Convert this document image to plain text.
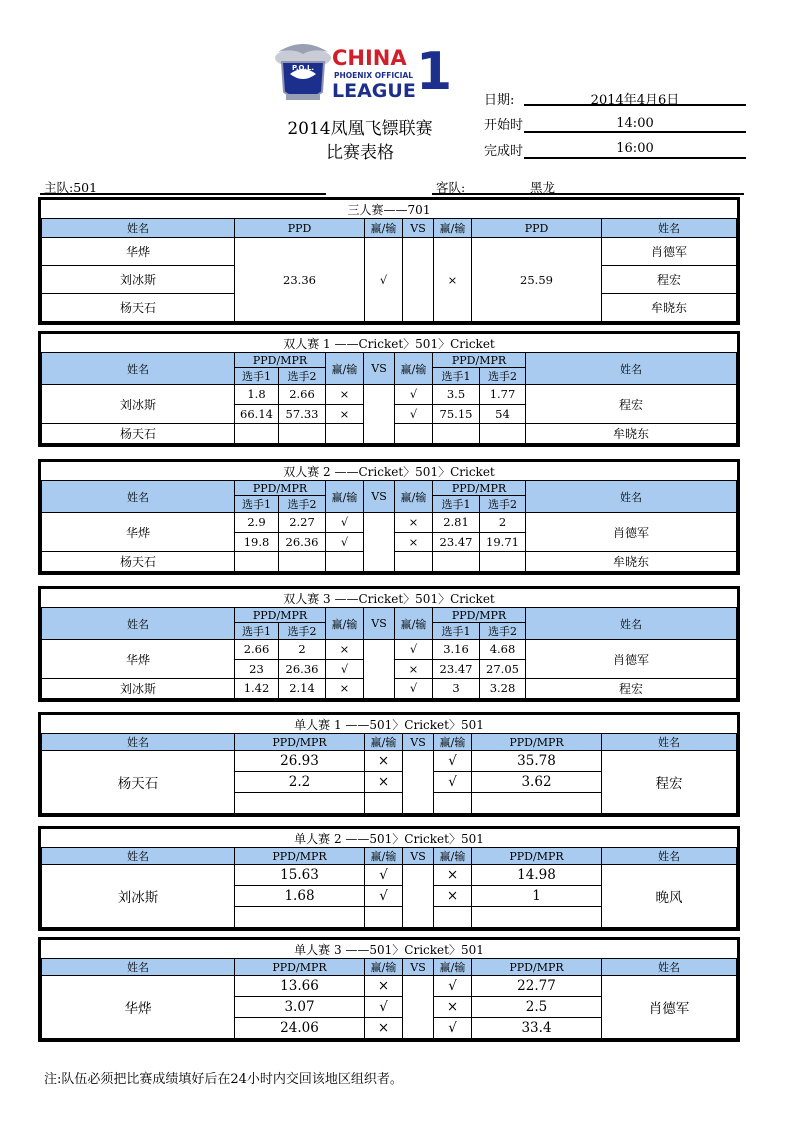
P.O.L. CHINA
PHOENIX OFFICIAL
LEAGUE 1
2014凤凰飞镖联赛
比赛表格
日期:	2014年4月6日
开始时	14:00
完成时	16:00
主队:501	客队:	黑龙
三人赛——701						
姓名	PPD	赢/输	VS	赢/输	PPD	姓名
华烨	23.36	√		×	25.59	肖德军
刘冰斯						程宏
杨天石						牟晓东
双人赛 1 ——Cricket〉501〉Cricket								
姓名	PPD/MPR		赢/输	VS	赢/输	PPD/MPR		姓名
	选手1	选手2				选手1	选手2	
刘冰斯	1.8	2.66	×		√	3.5	1.77	程宏
	66.14	57.33	×		√	75.15	54	
杨天石								牟晓东
双人赛 2 ——Cricket〉501〉Cricket								
姓名	PPD/MPR		赢/输	VS	赢/输	PPD/MPR		姓名
	选手1	选手2				选手1	选手2	
华烨	2.9	2.27	√		×	2.81	2	肖德军
	19.8	26.36	√		×	23.47	19.71	
杨天石								牟晓东
双人赛 3 ——Cricket〉501〉Cricket								
姓名	PPD/MPR		赢/输	VS	赢/输	PPD/MPR		姓名
	选手1	选手2				选手1	选手2	
华烨	2.66	2	×		√	3.16	4.68	肖德军
	23	26.36	√		×	23.47	27.05	
刘冰斯	1.42	2.14	×		√	3	3.28	程宏
单人赛 1 ——501〉Cricket〉501						
姓名	PPD/MPR	赢/输	VS	赢/输	PPD/MPR	姓名
杨天石	26.93	×		√	35.78	程宏
	2.2	×		√	3.62	

单人赛 2 ——501〉Cricket〉501						
姓名	PPD/MPR	赢/输	VS	赢/输	PPD/MPR	姓名
刘冰斯	15.63	√		×	14.98	晚风
	1.68	√		×	1	

单人赛 3 ——501〉Cricket〉501						
姓名	PPD/MPR	赢/输	VS	赢/输	PPD/MPR	姓名
华烨	13.66	×		√	22.77	肖德军
	3.07	√		×	2.5	
	24.06	×		√	33.4	
注:队伍必须把比赛成绩填好后在24小时内交回该地区组织者。
